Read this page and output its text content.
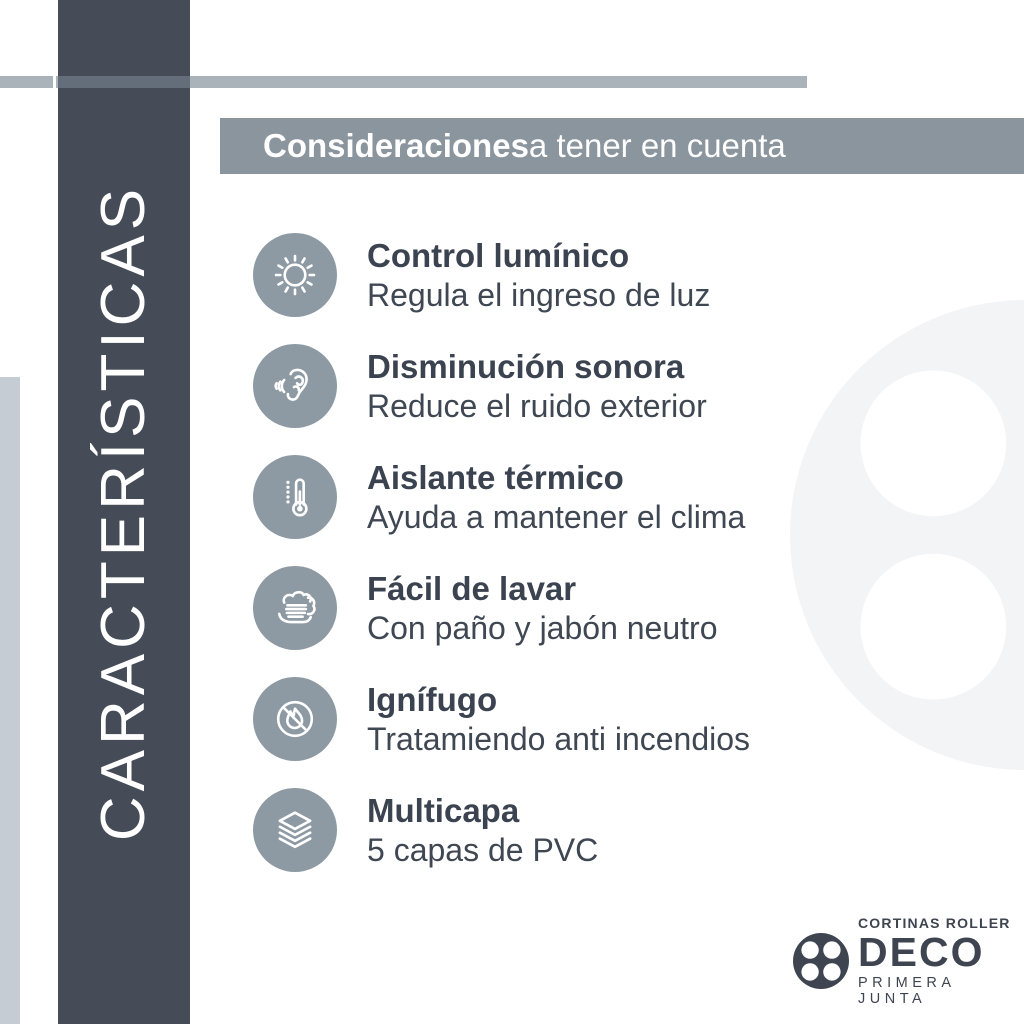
CARACTERÍSTICAS
Consideraciones a tener en cuenta
Control lumínico
Regula el ingreso de luz
Disminución sonora
Reduce el ruido exterior
Aislante térmico
Ayuda a mantener el clima
Fácil de lavar
Con paño y jabón neutro
Ignífugo
Tratamiendo anti incendios
Multicapa
5 capas de PVC
CORTINAS ROLLER
DECO
PRIMERA JUNTA
